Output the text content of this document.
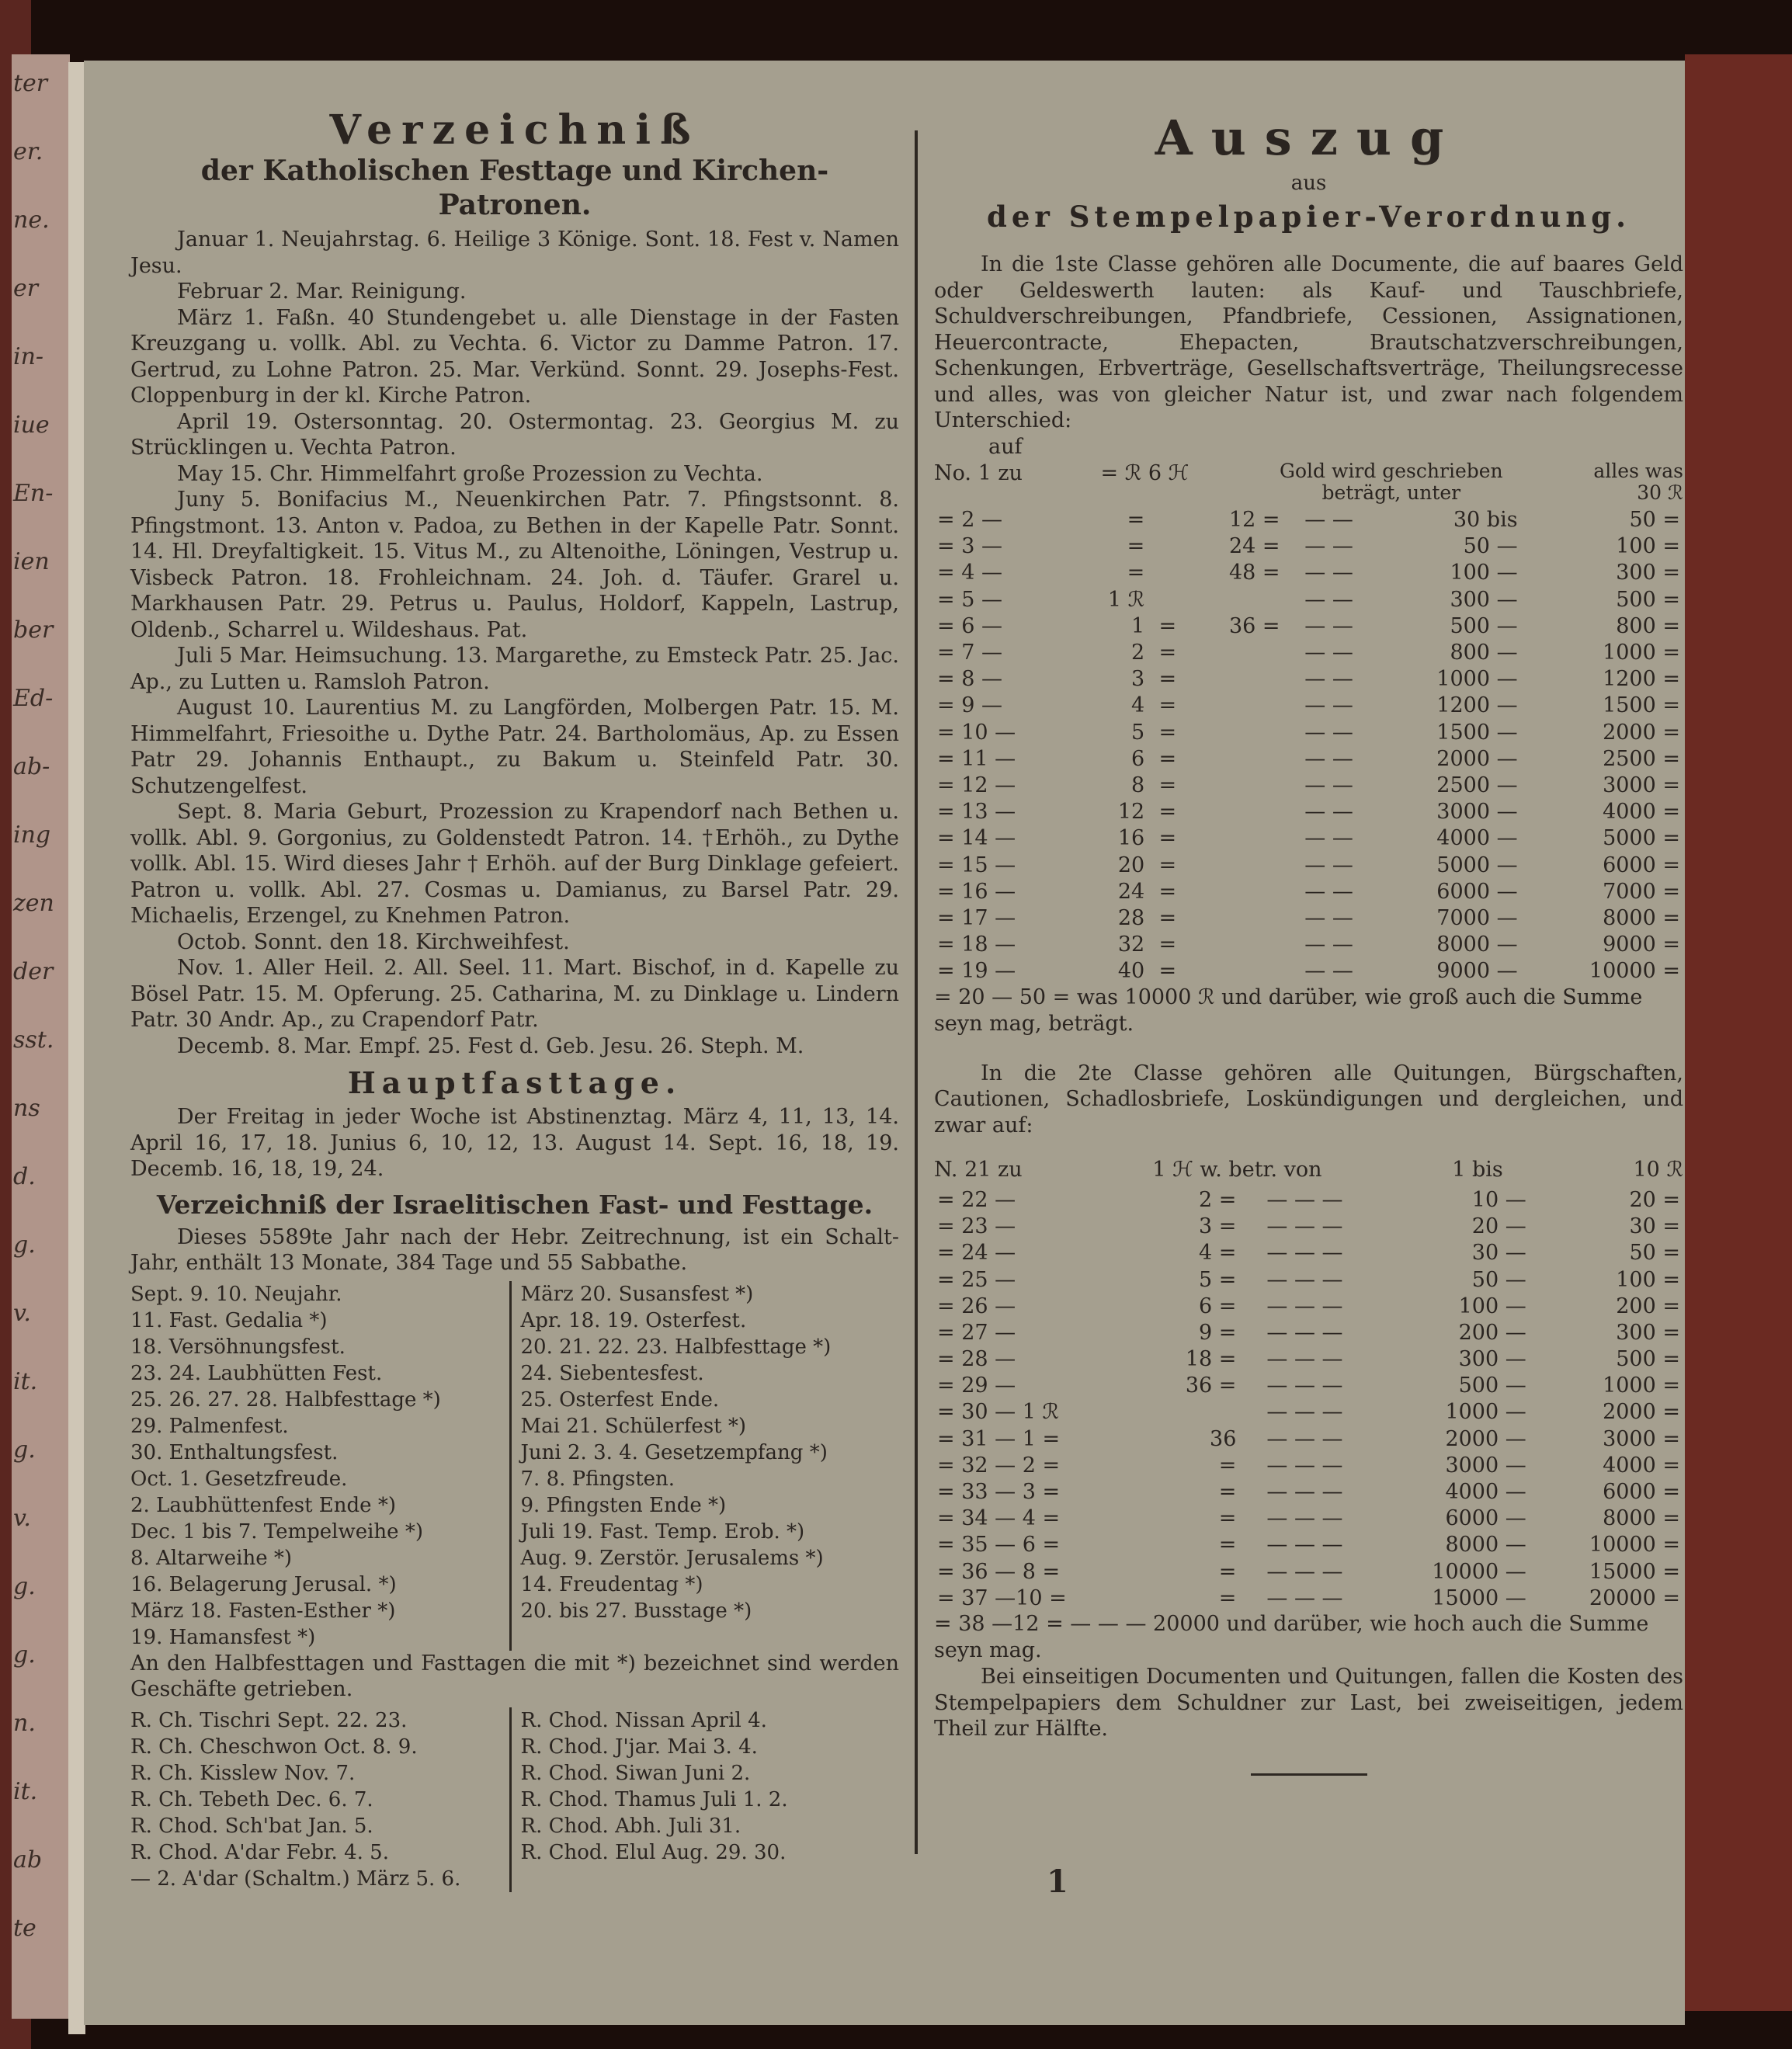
ter
er.
ne.
er
in-
iue
En-
ien
ber
Ed-
ab-
ing
zen
der
sst.
ns
d.
g.
v.
it.
g.
v.
g.
g.
n.
it.
ab
te

Verzeichniß

der Katholischen Festtage und Kirchen-Patronen.

Januar 1. Neujahrstag. 6. Heilige 3 Könige. Sont. 18. Fest v. Namen Jesu.

Februar 2. Mar. Reinigung.

März 1. Faßn. 40 Stundengebet u. alle Dienstage in der Fasten Kreuzgang u. vollk. Abl. zu Vechta. 6. Victor zu Damme Patron. 17. Gertrud, zu Lohne Patron. 25. Mar. Verkünd. Sonnt. 29. Josephs-Fest. Cloppenburg in der kl. Kirche Patron.

April 19. Ostersonntag. 20. Ostermontag. 23. Georgius M. zu Strücklingen u. Vechta Patron.

May 15. Chr. Himmelfahrt große Prozession zu Vechta.

Juny 5. Bonifacius M., Neuenkirchen Patr. 7. Pfingstsonnt. 8. Pfingstmont. 13. Anton v. Padoa, zu Bethen in der Kapelle Patr. Sonnt. 14. Hl. Dreyfaltigkeit. 15. Vitus M., zu Altenoithe, Löningen, Vestrup u. Visbeck Patron. 18. Frohleichnam. 24. Joh. d. Täufer. Grarel u. Markhausen Patr. 29. Petrus u. Paulus, Holdorf, Kappeln, Lastrup, Oldenb., Scharrel u. Wildeshaus. Pat.

Juli 5 Mar. Heimsuchung. 13. Margarethe, zu Emsteck Patr. 25. Jac. Ap., zu Lutten u. Ramsloh Patron.

August 10. Laurentius M. zu Langförden, Molbergen Patr. 15. M. Himmelfahrt, Friesoithe u. Dythe Patr. 24. Bartholomäus, Ap. zu Essen Patr 29. Johannis Enthaupt., zu Bakum u. Steinfeld Patr. 30. Schutzengelfest.

Sept. 8. Maria Geburt, Prozession zu Krapendorf nach Bethen u. vollk. Abl. 9. Gorgonius, zu Goldenstedt Patron. 14. †Erhöh., zu Dythe vollk. Abl. 15. Wird dieses Jahr † Erhöh. auf der Burg Dinklage gefeiert. Patron u. vollk. Abl. 27. Cosmas u. Damianus, zu Barsel Patr. 29. Michaelis, Erzengel, zu Knehmen Patron.

Octob. Sonnt. den 18. Kirchweihfest.

Nov. 1. Aller Heil. 2. All. Seel. 11. Mart. Bischof, in d. Kapelle zu Bösel Patr. 15. M. Opferung. 25. Catharina, M. zu Dinklage u. Lindern Patr. 30 Andr. Ap., zu Crapendorf Patr.

Decemb. 8. Mar. Empf. 25. Fest d. Geb. Jesu. 26. Steph. M.

Hauptfasttage.

Der Freitag in jeder Woche ist Abstinenztag. März 4, 11, 13, 14. April 16, 17, 18. Junius 6, 10, 12, 13. August 14. Sept. 16, 18, 19. Decemb. 16, 18, 19, 24.

Verzeichniß der Israelitischen Fast- und Festtage.

Dieses 5589te Jahr nach der Hebr. Zeitrechnung, ist ein Schalt-Jahr, enthält 13 Monate, 384 Tage und 55 Sabbathe.

Sept. 9. 10. Neujahr.
11. Fast. Gedalia *)
18. Versöhnungsfest.
23. 24. Laubhütten Fest.
25. 26. 27. 28. Halbfesttage *)
29. Palmenfest.
30. Enthaltungsfest.
Oct. 1. Gesetzfreude.
2. Laubhüttenfest Ende *)
Dec. 1 bis 7. Tempelweihe *)
8. Altarweihe *)
16. Belagerung Jerusal. *)
März 18. Fasten-Esther *)
19. Hamansfest *)
März 20. Susansfest *)
Apr. 18. 19. Osterfest.
20. 21. 22. 23. Halbfesttage *)
24. Siebentesfest.
25. Osterfest Ende.
Mai 21. Schülerfest *)
Juni 2. 3. 4. Gesetzempfang *)
7. 8. Pfingsten.
9. Pfingsten Ende *)
Juli 19. Fast. Temp. Erob. *)
Aug. 9. Zerstör. Jerusalems *)
14. Freudentag *)
20. bis 27. Busstage *)

An den Halbfesttagen und Fasttagen die mit *) bezeichnet sind werden Geschäfte getrieben.

R. Ch. Tischri Sept. 22. 23.
R. Ch. Cheschwon Oct. 8. 9.
R. Ch. Kisslew Nov. 7.
R. Ch. Tebeth Dec. 6. 7.
R. Chod. Sch'bat Jan. 5.
R. Chod. A'dar Febr. 4. 5.
— 2. A'dar (Schaltm.) März 5. 6.
R. Chod. Nissan April 4.
R. Chod. J'jar. Mai 3. 4.
R. Chod. Siwan Juni 2.
R. Chod. Thamus Juli 1. 2.
R. Chod. Abh. Juli 31.
R. Chod. Elul Aug. 29. 30.

Auszug

aus

der Stempelpapier-Verordnung.

In die 1ste Classe gehören alle Documente, die auf baares Geld oder Geldeswerth lauten: als Kauf- und Tauschbriefe, Schuldverschreibungen, Pfandbriefe, Cessionen, Assignationen, Heuercontracte, Ehepacten, Brautschatzverschreibungen, Schenkungen, Erbverträge, Gesellschaftsverträge, Theilungsrecesse und alles, was von gleicher Natur ist, und zwar nach folgendem Unterschied:

auf

No. 1 zu	= ℛ 6 ℋ	Gold wird geschrieben beträgt, unter
alles was
30 ℛ
= 2 —	=		12 =	— —	30 bis	50 =
= 3 —	=		24 =	— —	50 —	100 =
= 4 —	=		48 =	— —	100 —	300 =
= 5 —	1 ℛ			— —	300 —	500 =
= 6 —	1	=	36 =	— —	500 —	800 =
= 7 —	2	=		— —	800 —	1000 =
= 8 —	3	=		— —	1000 —	1200 =
= 9 —	4	=		— —	1200 —	1500 =
= 10 —	5	=		— —	1500 —	2000 =
= 11 —	6	=		— —	2000 —	2500 =
= 12 —	8	=		— —	2500 —	3000 =
= 13 —	12	=		— —	3000 —	4000 =
= 14 —	16	=		— —	4000 —	5000 =
= 15 —	20	=		— —	5000 —	6000 =
= 16 —	24	=		— —	6000 —	7000 =
= 17 —	28	=		— —	7000 —	8000 =
= 18 —	32	=		— —	8000 —	9000 =
= 19 —	40	=		— —	9000 —	10000 =

= 20 — 50 = was 10000 ℛ und darüber, wie groß auch die Summe seyn mag, beträgt.

In die 2te Classe gehören alle Quitungen, Bürgschaften, Cautionen, Schadlosbriefe, Loskündigungen und dergleichen, und zwar auf:

N. 21 zu	1 ℋ w. betr. von	1 bis	10 ℛ
= 22 —	2 =	— — —	10 —	20 =
= 23 —	3 =	— — —	20 —	30 =
= 24 —	4 =	— — —	30 —	50 =
= 25 —	5 =	— — —	50 —	100 =
= 26 —	6 =	— — —	100 —	200 =
= 27 —	9 =	— — —	200 —	300 =
= 28 —	18 =	— — —	300 —	500 =
= 29 —	36 =	— — —	500 —	1000 =
= 30 — 1 ℛ		— — —	1000 —	2000 =
= 31 — 1 =	36	— — —	2000 —	3000 =
= 32 — 2 =	=	— — —	3000 —	4000 =
= 33 — 3 =	=	— — —	4000 —	6000 =
= 34 — 4 =	=	— — —	6000 —	8000 =
= 35 — 6 =	=	— — —	8000 —	10000 =
= 36 — 8 =	=	— — —	10000 —	15000 =
= 37 —10 =	=	— — —	15000 —	20000 =

= 38 —12 = — — — 20000 und darüber, wie hoch auch die Summe seyn mag.

Bei einseitigen Documenten und Quitungen, fallen die Kosten des Stempelpapiers dem Schuldner zur Last, bei zweiseitigen, jedem Theil zur Hälfte.

1
